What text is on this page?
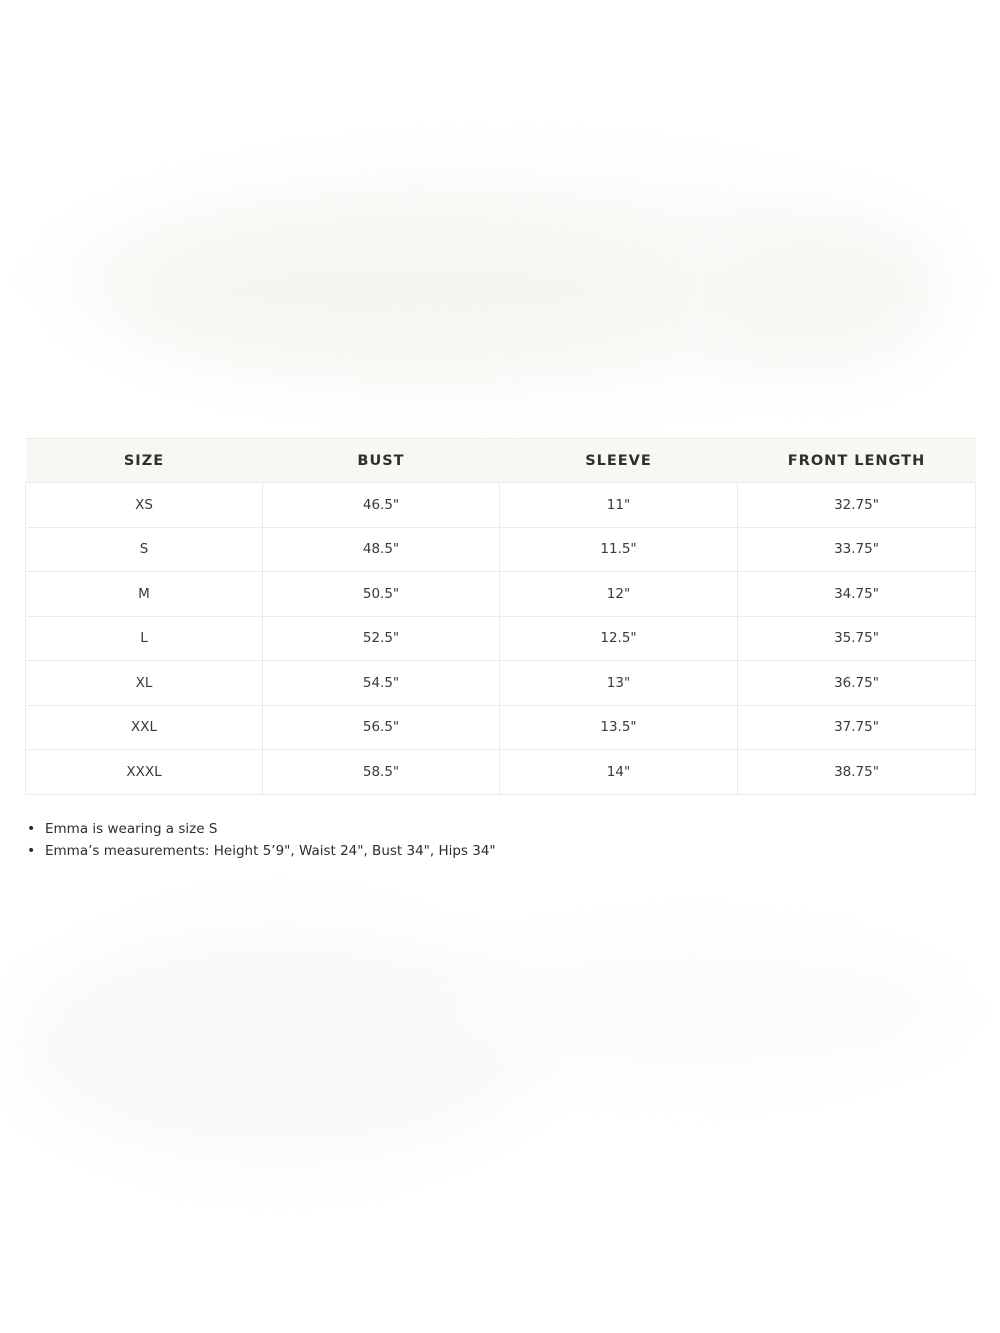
SIZE	BUST	SLEEVE	FRONT LENGTH
XS	46.5"	11"	32.75"
S	48.5"	11.5"	33.75"
M	50.5"	12"	34.75"
L	52.5"	12.5"	35.75"
XL	54.5"	13"	36.75"
XXL	56.5"	13.5"	37.75"
XXXL	58.5"	14"	38.75"
• Emma is wearing a size S
• Emma’s measurements: Height 5’9", Waist 24", Bust 34", Hips 34"
